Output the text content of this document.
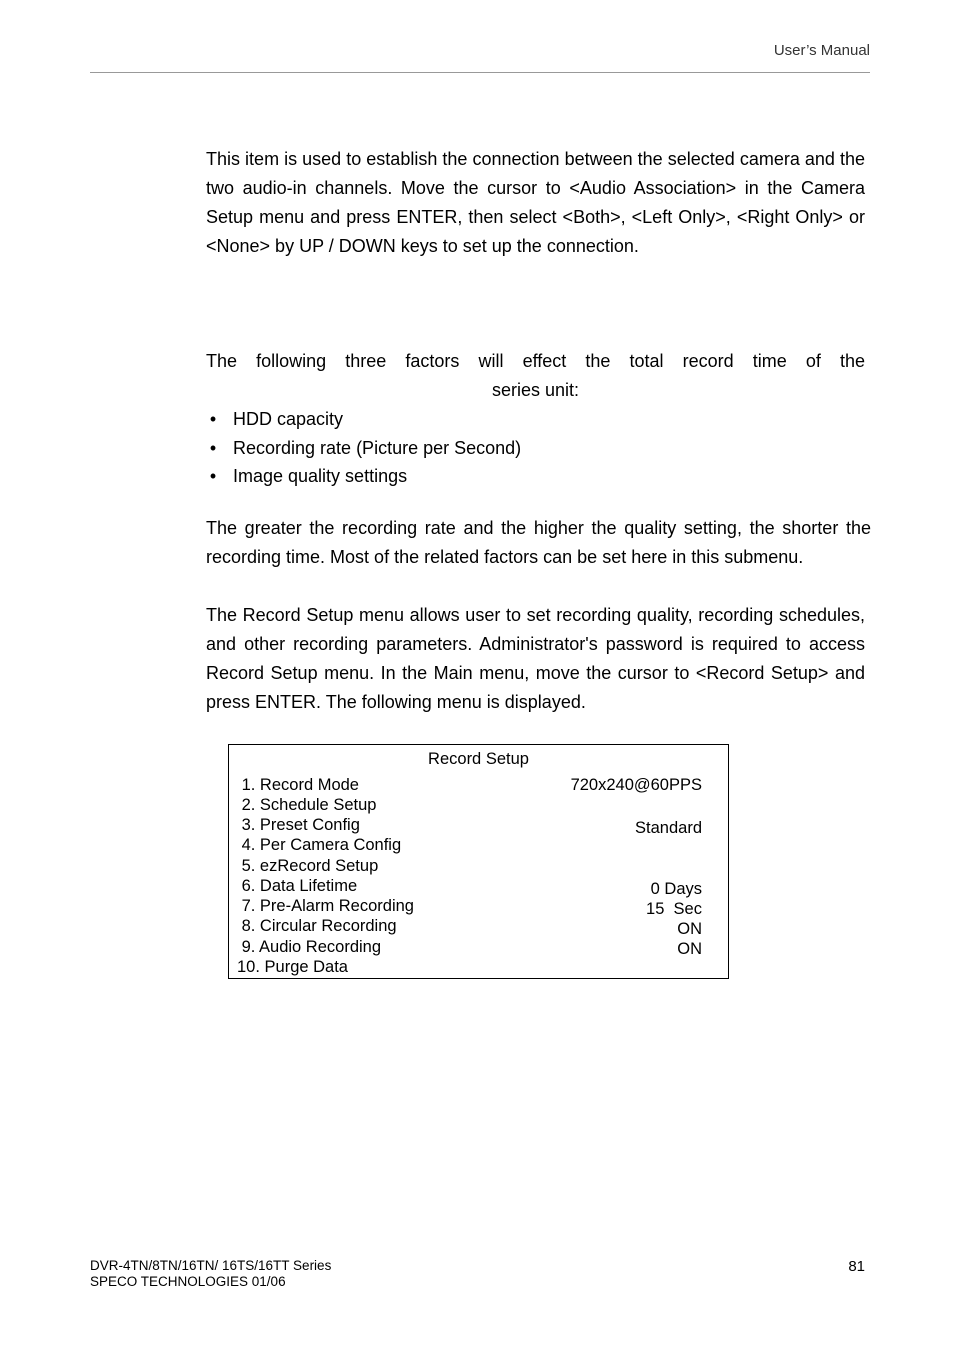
User’s Manual

This item is used to establish the connection between the selected camera and the two audio-in channels. Move the cursor to <Audio Association> in the Camera Setup menu and press ENTER, then select <Both>, <Left Only>, <Right Only> or <None> by UP / DOWN keys to set up the connection.

The following three factors will effect the total record time of the

series unit:

• HDD capacity
• Recording rate (Picture per Second)
• Image quality settings

The greater the recording rate and the higher the quality setting, the shorter the recording time. Most of the related factors can be set here in this submenu.

The Record Setup menu allows user to set recording quality, recording schedules, and other recording parameters. Administrator's password is required to access Record Setup menu. In the Main menu, move the cursor to <Record Setup> and press ENTER. The following menu is displayed.

Record Setup
1. Record Mode
2. Schedule Setup
3. Preset Config
4. Per Camera Config
5. ezRecord Setup
6. Data Lifetime
7. Pre-Alarm Recording
8. Circular Recording
9. Audio Recording
10. Purge Data
720x240@60PPS
Standard
0 Days
15  Sec
ON
ON
DVR-4TN/8TN/16TN/ 16TS/16TT Series
SPECO TECHNOLOGIES 01/06
81
